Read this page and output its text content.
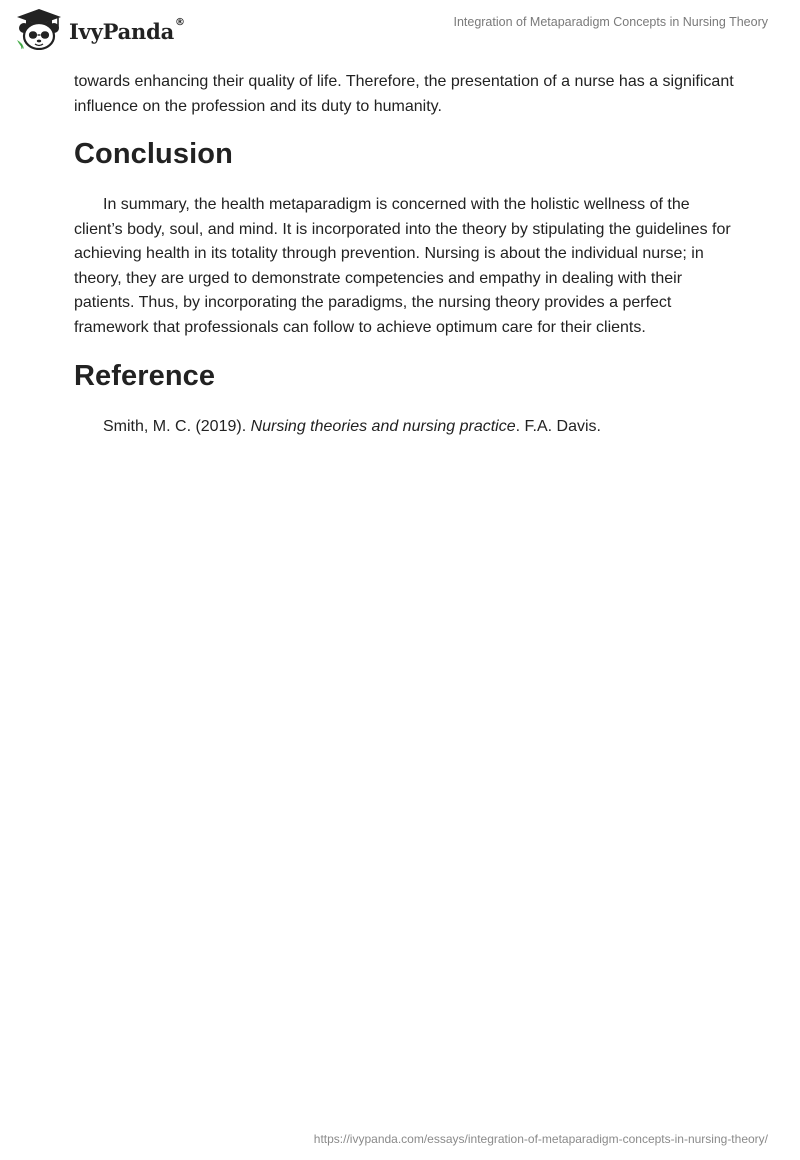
IvyPanda®	Integration of Metaparadigm Concepts in Nursing Theory

towards enhancing their quality of life. Therefore, the presentation of a nurse has a significant influence on the profession and its duty to humanity.

Conclusion

In summary, the health metaparadigm is concerned with the holistic wellness of the client’s body, soul, and mind. It is incorporated into the theory by stipulating the guidelines for achieving health in its totality through prevention. Nursing is about the individual nurse; in theory, they are urged to demonstrate competencies and empathy in dealing with their patients. Thus, by incorporating the paradigms, the nursing theory provides a perfect framework that professionals can follow to achieve optimum care for their clients.

Reference

Smith, M. C. (2019). Nursing theories and nursing practice. F.A. Davis.

https://ivypanda.com/essays/integration-of-metaparadigm-concepts-in-nursing-theory/
